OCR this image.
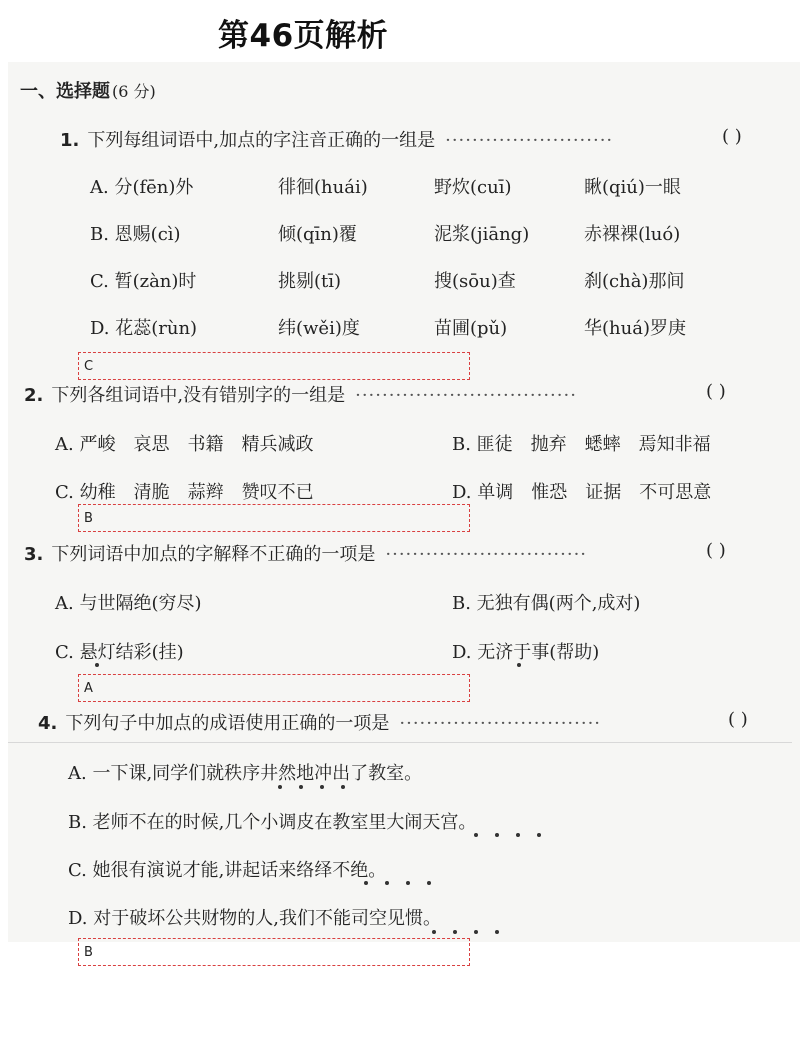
第46页解析
一、选择题 (6 分)
1. 下列每组词语中,加点的字注音正确的一组是 ·························	( )
A. 分(fēn)外	徘徊(huái)	野炊(cuī)	瞅(qiú)一眼
B. 恩赐(cì)	倾(qīn)覆	泥浆(jiāng)	赤裸裸(luó)
C. 暂(zàn)时	挑剔(tī)	搜(sōu)查	刹(chà)那间
D. 花蕊(rùn)	纬(wěi)度	苗圃(pǔ)	华(huá)罗庚
C
2. 下列各组词语中,没有错别字的一组是 ·································	( )
A. 严峻　哀思　书籍　精兵减政	B. 匪徒　抛弃　蟋蟀　焉知非福
C. 幼稚　清脆　蒜辫　赞叹不已	D. 单调　惟恐　证据　不可思意
B
3. 下列词语中加点的字解释不正确的一项是 ······························	( )
A. 与世隔绝(穷尽)	B. 无独有偶(两个,成对)
C. 悬灯结彩(挂)	D. 无济于事(帮助)
A
4. 下列句子中加点的成语使用正确的一项是 ······························	( )
A. 一下课,同学们就秩序井然地冲出了教室。
B. 老师不在的时候,几个小调皮在教室里大闹天宫。
C. 她很有演说才能,讲起话来络绎不绝。
D. 对于破坏公共财物的人,我们不能司空见惯。
B
